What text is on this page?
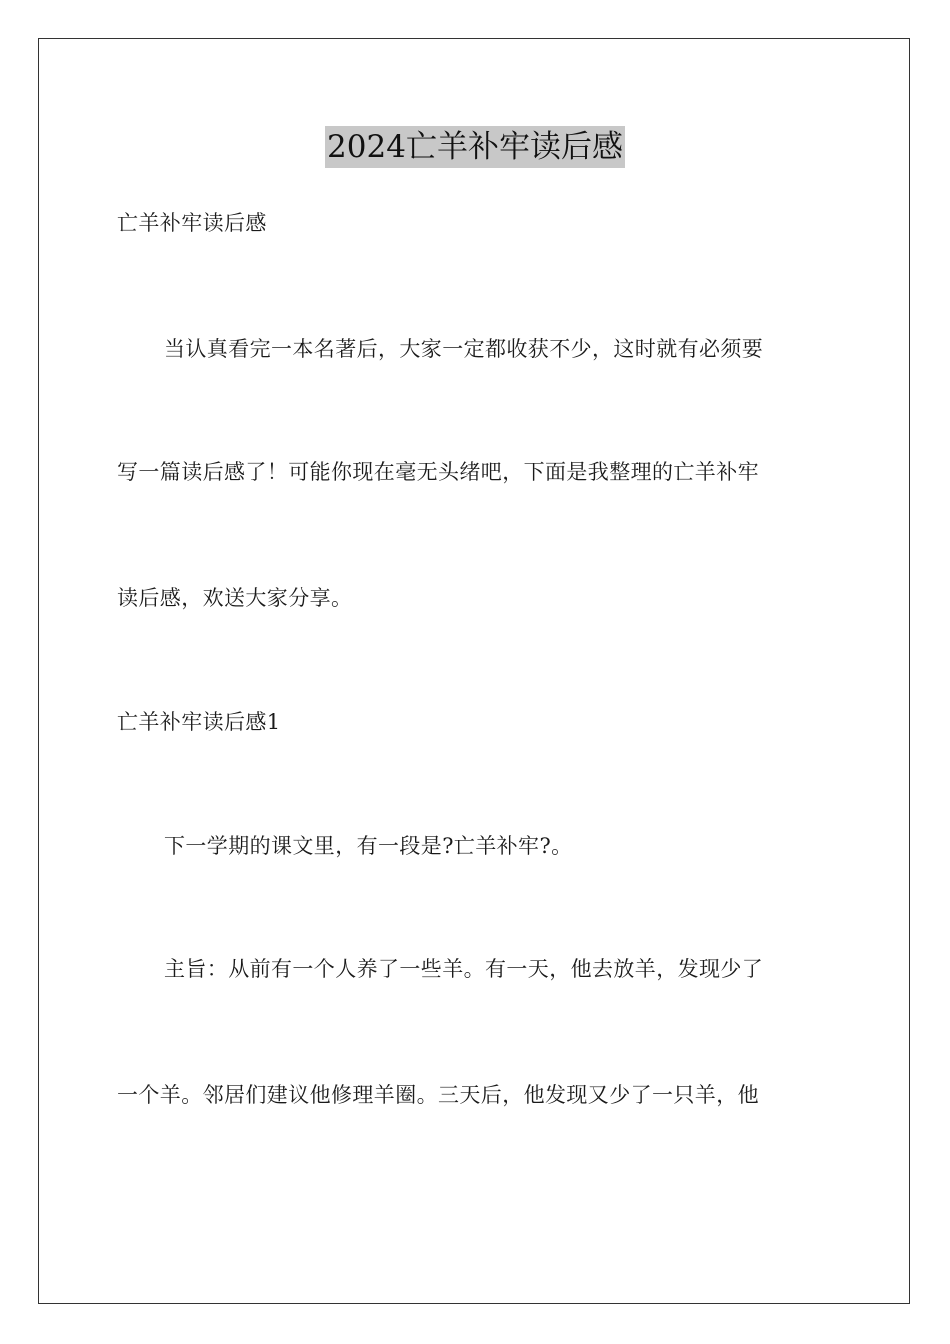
2024亡羊补牢读后感
亡羊补牢读后感
当认真看完一本名著后，大家一定都收获不少，这时就有必须要
写一篇读后感了！可能你现在毫无头绪吧，下面是我整理的亡羊补牢
读后感，欢送大家分享。
亡羊补牢读后感1
下一学期的课文里，有一段是?亡羊补牢?。
主旨：从前有一个人养了一些羊。有一天，他去放羊，发现少了
一个羊。邻居们建议他修理羊圈。三天后，他发现又少了一只羊，他
